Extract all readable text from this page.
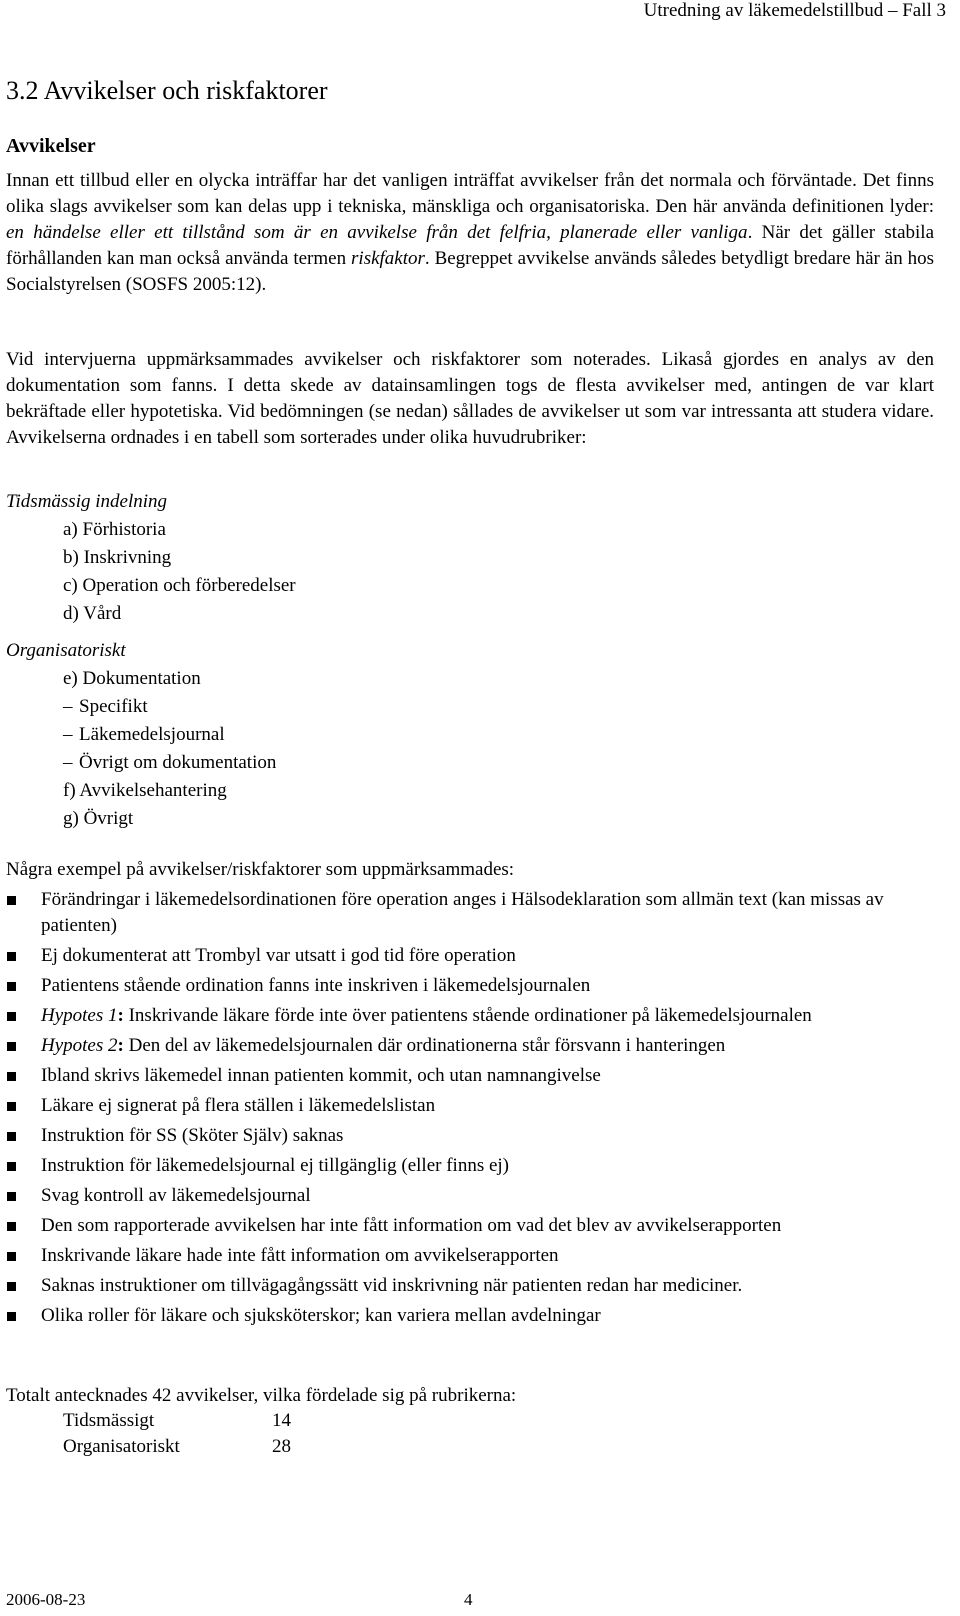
Utredning av läkemedelstillbud – Fall 3
3.2 Avvikelser och riskfaktorer
Avvikelser
Innan ett tillbud eller en olycka inträffar har det vanligen inträffat avvikelser från det normala och förväntade. Det finns olika slags avvikelser som kan delas upp i tekniska, mänskliga och organisatoriska. Den här använda definitionen lyder: en händelse eller ett tillstånd som är en avvikelse från det felfria, planerade eller vanliga. När det gäller stabila förhållanden kan man också använda termen riskfaktor. Begreppet avvikelse används således betydligt bredare här än hos Socialstyrelsen (SOSFS 2005:12).
Vid intervjuerna uppmärksammades avvikelser och riskfaktorer som noterades. Likaså gjordes en analys av den dokumentation som fanns. I detta skede av datainsamlingen togs de flesta avvikelser med, antingen de var klart bekräftade eller hypotetiska. Vid bedömningen (se nedan) sållades de avvikelser ut som var intressanta att studera vidare. Avvikelserna ordnades i en tabell som sorterades under olika huvudrubriker:
Tidsmässig indelning
a) Förhistoria
b) Inskrivning
c) Operation och förberedelser
d) Vård
Organisatoriskt
e) Dokumentation
– Specifikt
– Läkemedelsjournal
– Övrigt om dokumentation
f) Avvikelsehantering
g) Övrigt
Några exempel på avvikelser/riskfaktorer som uppmärksammades:
Förändringar i läkemedelsordinationen före operation anges i Hälsodeklaration som allmän text (kan missas av patienten)
Ej dokumenterat att Trombyl var utsatt i god tid före operation
Patientens stående ordination fanns inte inskriven i läkemedelsjournalen
Hypotes 1: Inskrivande läkare förde inte över patientens stående ordinationer på läkemedelsjournalen
Hypotes 2: Den del av läkemedelsjournalen där ordinationerna står försvann i hanteringen
Ibland skrivs läkemedel innan patienten kommit, och utan namnangivelse
Läkare ej signerat på flera ställen i läkemedelslistan
Instruktion för SS (Sköter Själv) saknas
Instruktion för läkemedelsjournal ej tillgänglig (eller finns ej)
Svag kontroll av läkemedelsjournal
Den som rapporterade avvikelsen har inte fått information om vad det blev av avvikelserapporten
Inskrivande läkare hade inte fått information om avvikelserapporten
Saknas instruktioner om tillvägagångssätt vid inskrivning när patienten redan har mediciner.
Olika roller för läkare och sjuksköterskor; kan variera mellan avdelningar
Totalt antecknades 42 avvikelser, vilka fördelade sig på rubrikerna:
Tidsmässigt	14
Organisatoriskt	28
2006-08-23	4
